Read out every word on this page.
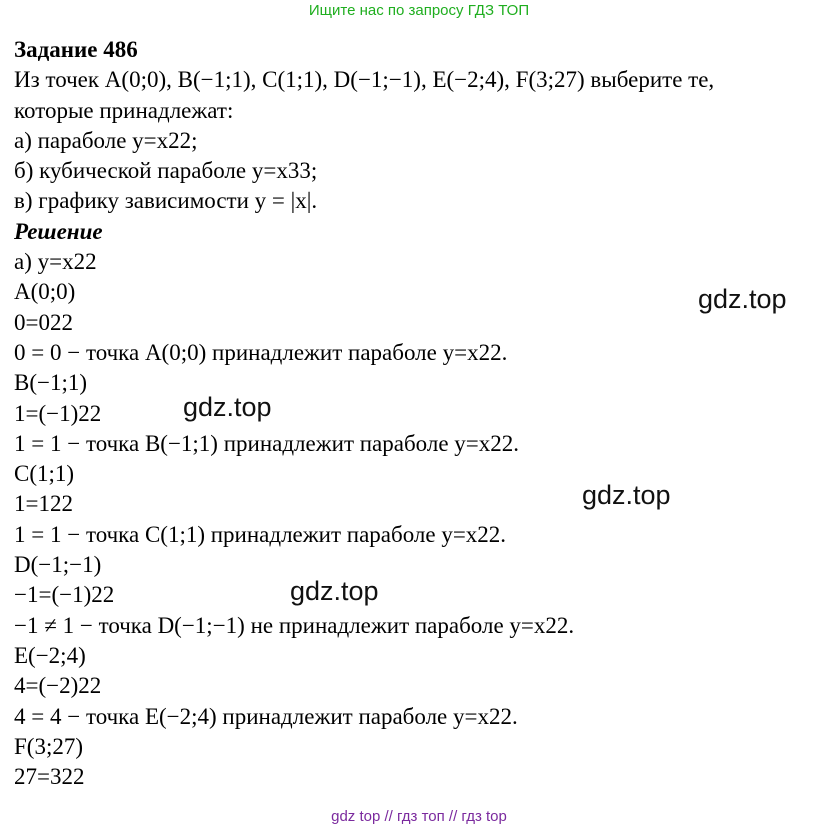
Ищите нас по запросу ГДЗ ТОП
Задание 486
Из точек A(0;0), B(−1;1), C(1;1), D(−1;−1), E(−2;4), F(3;27) выберите те,
которые принадлежат:
а) параболе y=x22;
б) кубической параболе y=x33;
в) графику зависимости y = |x|.
Решение
а) y=x22
A(0;0)
0=022
0 = 0 − точка A(0;0) принадлежит параболе y=x22.
B(−1;1)
1=(−1)22
1 = 1 − точка B(−1;1) принадлежит параболе y=x22.
C(1;1)
1=122
1 = 1 − точка C(1;1) принадлежит параболе y=x22.
D(−1;−1)
−1=(−1)22
−1 ≠ 1 − точка D(−1;−1) не принадлежит параболе y=x22.
E(−2;4)
4=(−2)22
4 = 4 − точка E(−2;4) принадлежит параболе y=x22.
F(3;27)
27=322
gdz.top
gdz.top
gdz.top
gdz.top
gdz top // гдз топ // гдз top
